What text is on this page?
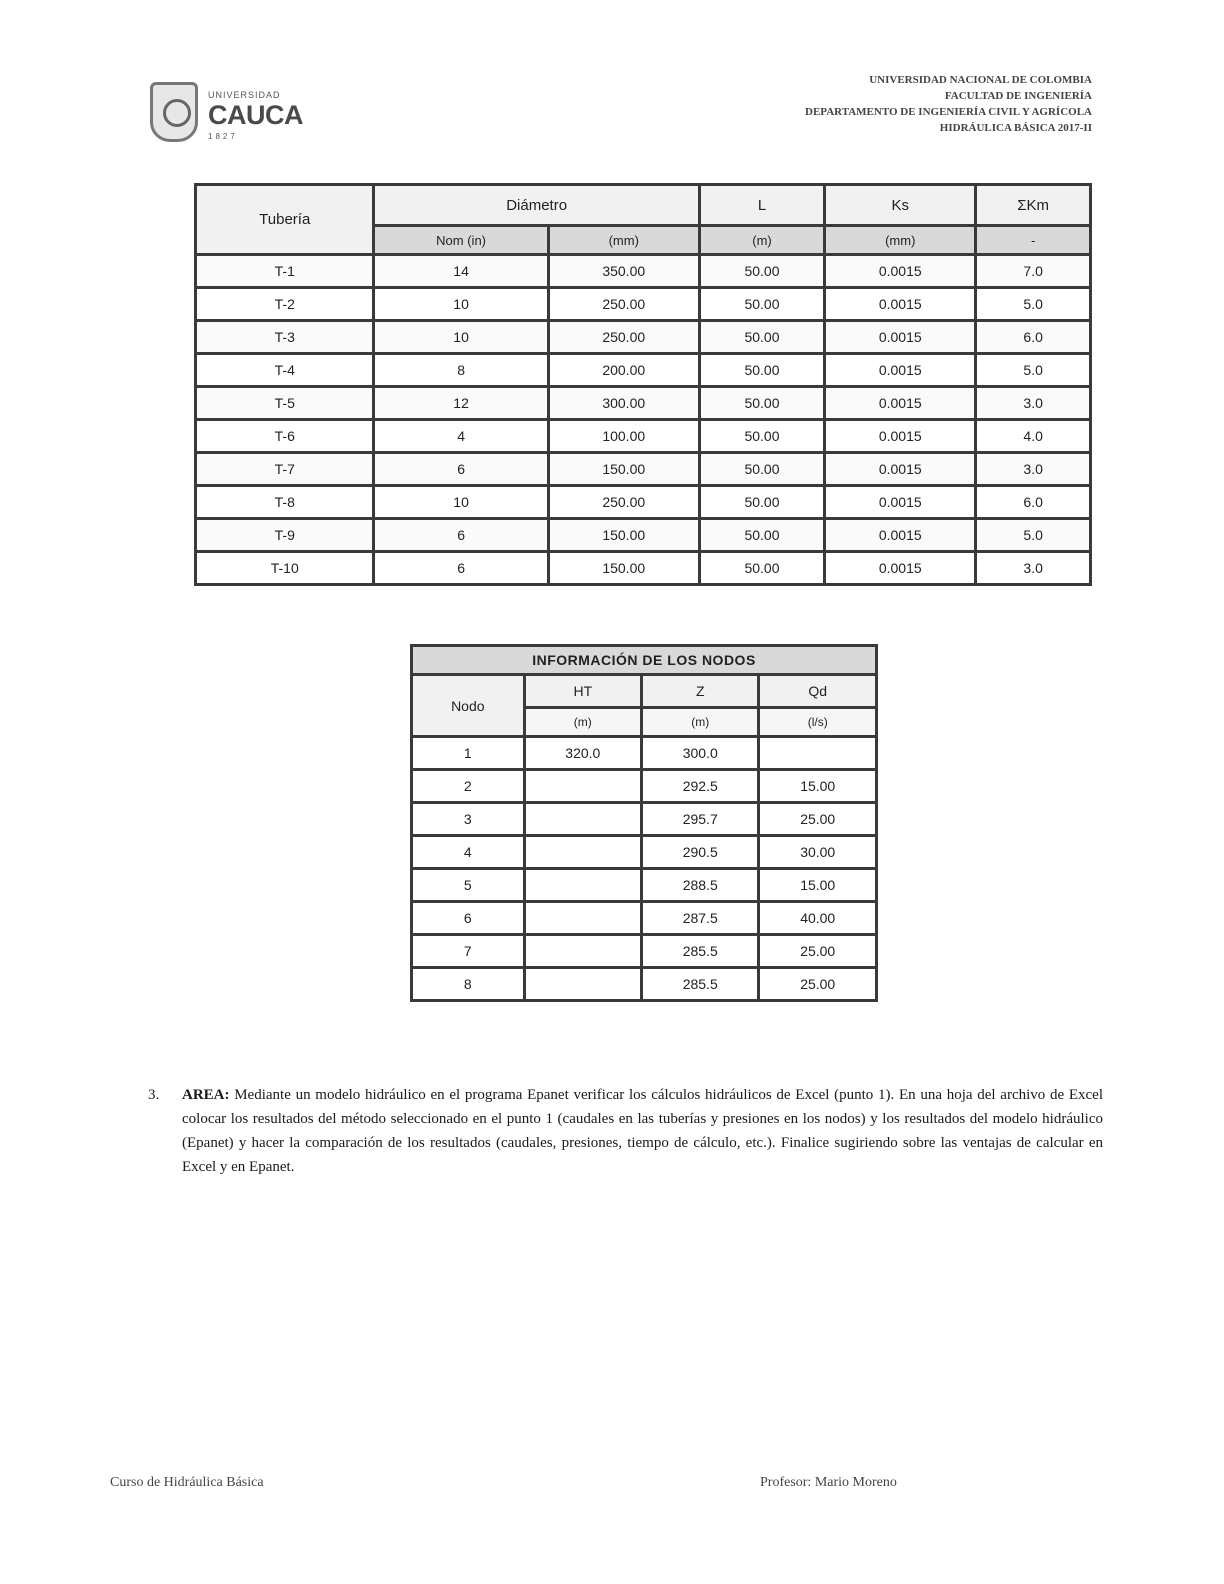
UNIVERSIDAD
CAUCA
1827
UNIVERSIDAD NACIONAL DE COLOMBIA
FACULTAD DE INGENIERÍA
DEPARTAMENTO DE INGENIERÍA CIVIL Y AGRÍCOLA
HIDRÁULICA BÁSICA 2017-II
Tubería	Diámetro		L	Ks	ΣKm
	Nom (in)	(mm)	(m)	(mm)	-
T-1	14	350.00	50.00	0.0015	7.0
T-2	10	250.00	50.00	0.0015	5.0
T-3	10	250.00	50.00	0.0015	6.0
T-4	8	200.00	50.00	0.0015	5.0
T-5	12	300.00	50.00	0.0015	3.0
T-6	4	100.00	50.00	0.0015	4.0
T-7	6	150.00	50.00	0.0015	3.0
T-8	10	250.00	50.00	0.0015	6.0
T-9	6	150.00	50.00	0.0015	5.0
T-10	6	150.00	50.00	0.0015	3.0
INFORMACIÓN DE LOS NODOS			
Nodo	HT	Z	Qd
	(m)	(m)	(l/s)
1	320.0	300.0	
2		292.5	15.00
3		295.7	25.00
4		290.5	30.00
5		288.5	15.00
6		287.5	40.00
7		285.5	25.00
8		285.5	25.00
3. AREA: Mediante un modelo hidráulico en el programa Epanet verificar los cálculos hidráulicos de Excel (punto 1). En una hoja del archivo de Excel colocar los resultados del método seleccionado en el punto 1 (caudales en las tuberías y presiones en los nodos) y los resultados del modelo hidráulico (Epanet) y hacer la comparación de los resultados (caudales, presiones, tiempo de cálculo, etc.). Finalice sugiriendo sobre las ventajas de calcular en Excel y en Epanet.
Curso de Hidráulica Básica	Profesor: Mario Moreno
